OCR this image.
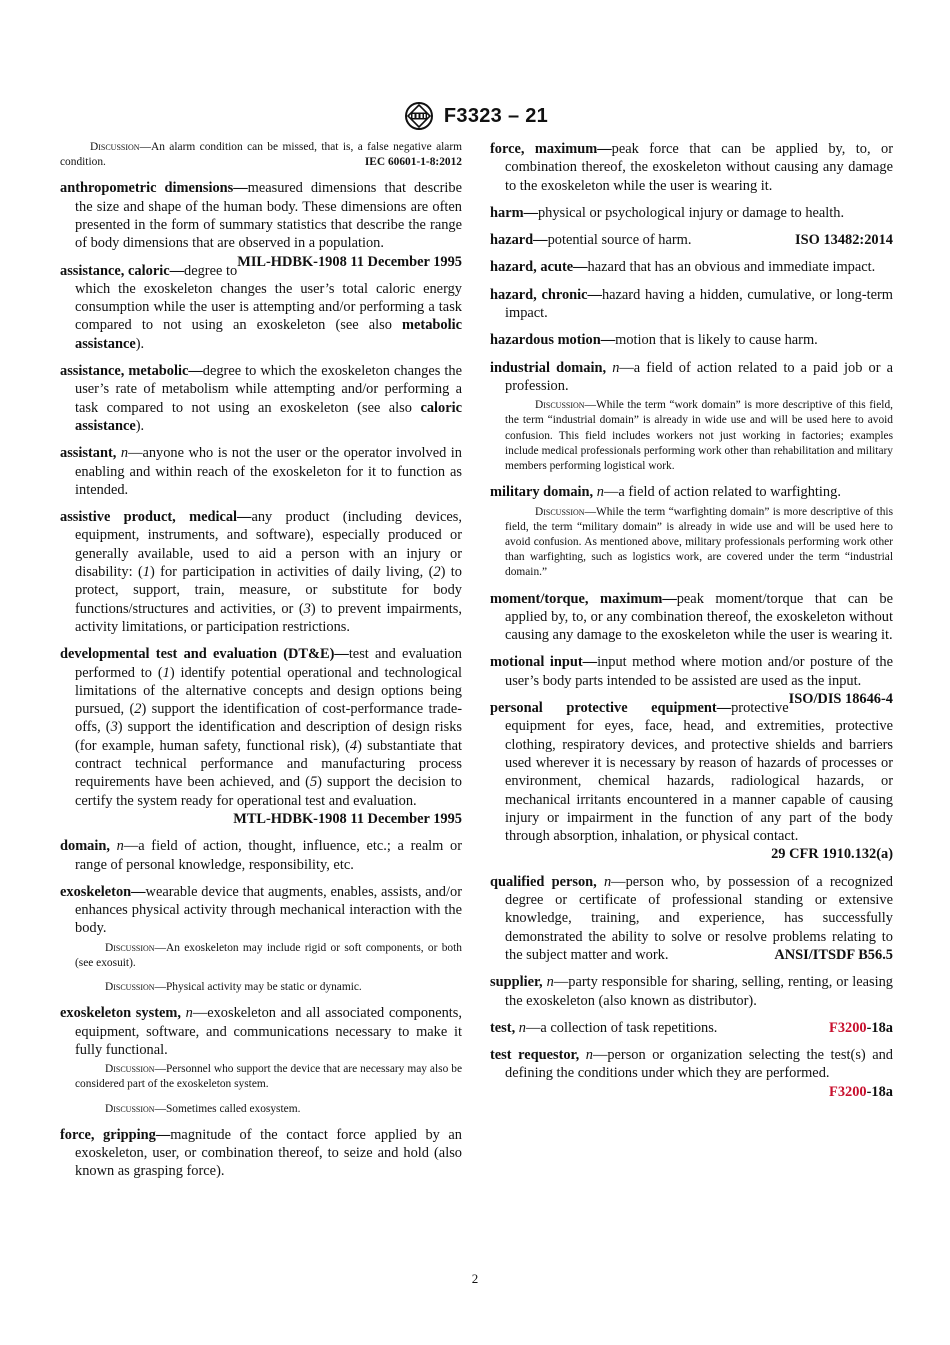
F3323 – 21

Discussion—An alarm condition can be missed, that is, a false negative alarm condition.	IEC 60601-1-8:2012

anthropometric dimensions—measured dimensions that describe the size and shape of the human body. These dimensions are often presented in the form of summary statistics that describe the range of body dimensions that are observed in a population.
MIL-HDBK-1908 11 December 1995

assistance, caloric—degree to which the exoskeleton changes the user’s total caloric energy consumption while the user is attempting and/or performing a task compared to not using an exoskeleton (see also metabolic assistance).

assistance, metabolic—degree to which the exoskeleton changes the user’s rate of metabolism while attempting and/or performing a task compared to not using an exoskeleton (see also caloric assistance).

assistant, n—anyone who is not the user or the operator involved in enabling and within reach of the exoskeleton for it to function as intended.

assistive product, medical—any product (including devices, equipment, instruments, and software), especially produced or generally available, used to aid a person with an injury or disability: (1) for participation in activities of daily living, (2) to protect, support, train, measure, or substitute for body functions/structures and activities, or (3) to prevent impairments, activity limitations, or participation restrictions.

developmental test and evaluation (DT&E)—test and evaluation performed to (1) identify potential operational and technological limitations of the alternative concepts and design options being pursued, (2) support the identification of cost-performance trade-offs, (3) support the identification and description of design risks (for example, human safety, functional risk), (4) substantiate that contract technical performance and manufacturing process requirements have been achieved, and (5) support the decision to certify the system ready for operational test and evaluation.
MTL-HDBK-1908 11 December 1995

domain, n—a field of action, thought, influence, etc.; a realm or range of personal knowledge, responsibility, etc.

exoskeleton—wearable device that augments, enables, assists, and/or enhances physical activity through mechanical interaction with the body.

Discussion—An exoskeleton may include rigid or soft components, or both (see exosuit).

Discussion—Physical activity may be static or dynamic.

exoskeleton system, n—exoskeleton and all associated components, equipment, software, and communications necessary to make it fully functional.

Discussion—Personnel who support the device that are necessary may also be considered part of the exoskeleton system.

Discussion—Sometimes called exosystem.

force, gripping—magnitude of the contact force applied by an exoskeleton, user, or combination thereof, to seize and hold (also known as grasping force).

force, maximum—peak force that can be applied by, to, or combination thereof, the exoskeleton without causing any damage to the exoskeleton while the user is wearing it.

harm—physical or psychological injury or damage to health.

hazard—potential source of harm.	ISO 13482:2014

hazard, acute—hazard that has an obvious and immediate impact.

hazard, chronic—hazard having a hidden, cumulative, or long-term impact.

hazardous motion—motion that is likely to cause harm.

industrial domain, n—a field of action related to a paid job or a profession.

Discussion—While the term “work domain” is more descriptive of this field, the term “industrial domain” is already in wide use and will be used here to avoid confusion. This field includes workers not just working in factories; examples include medical professionals performing work other than rehabilitation and military members performing logistical work.

military domain, n—a field of action related to warfighting.

Discussion—While the term “warfighting domain” is more descriptive of this field, the term “military domain” is already in wide use and will be used here to avoid confusion. As mentioned above, military professionals performing work other than warfighting, such as logistics work, are covered under the term “industrial domain.”

moment/torque, maximum—peak moment/torque that can be applied by, to, or any combination thereof, the exoskeleton without causing any damage to the exoskeleton while the user is wearing it.

motional input—input method where motion and/or posture of the user’s body parts intended to be assisted are used as the input.
ISO/DIS 18646-4

personal protective equipment—protective equipment for eyes, face, head, and extremities, protective clothing, respiratory devices, and protective shields and barriers used wherever it is necessary by reason of hazards of processes or environment, chemical hazards, radiological hazards, or mechanical irritants encountered in a manner capable of causing injury or impairment in the function of any part of the body through absorption, inhalation, or physical contact.
29 CFR 1910.132(a)

qualified person, n—person who, by possession of a recognized degree or certificate of professional standing or extensive knowledge, training, and experience, has successfully demonstrated the ability to solve or resolve problems relating to the subject matter and work.	ANSI/ITSDF B56.5

supplier, n—party responsible for sharing, selling, renting, or leasing the exoskeleton (also known as distributor).

test, n—a collection of task repetitions.	F3200-18a

test requestor, n—person or organization selecting the test(s) and defining the conditions under which they are performed.
F3200-18a

2
